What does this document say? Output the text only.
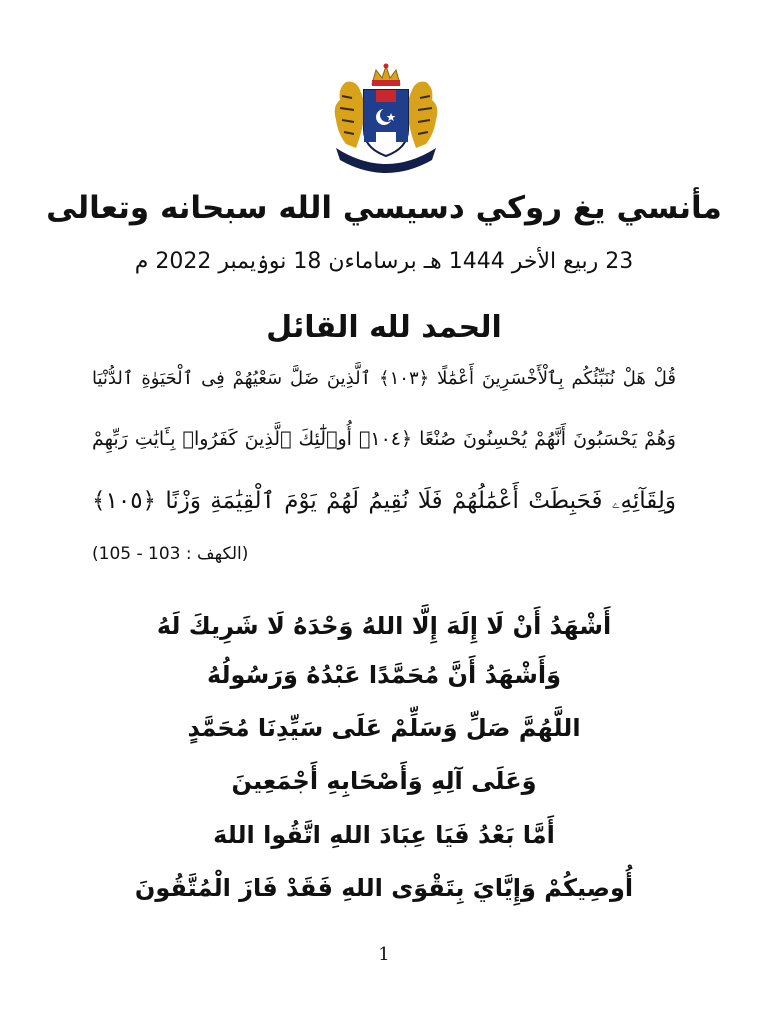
مأنسي يغ روكي دسيسي الله سبحانه وتعالى
23 ربيع الأخر 1444 هـ برساماءن 18 نوۏيمبر 2022 م
الحمد لله القائل
قُلْ هَلْ نُنَبِّئُكُم بِٱلْأَخْسَرِينَ أَعْمَٰلًا ﴿١٠٣﴾ ٱلَّذِينَ ضَلَّ سَعْيُهُمْ فِى ٱلْحَيَوٰةِ ٱلدُّنْيَا
وَهُمْ يَحْسَبُونَ أَنَّهُمْ يُحْسِنُونَ صُنْعًا ﴿١٠٤﴾ أُو۟لَٰٓئِكَ ٱلَّذِينَ كَفَرُوا۟ بِـَٔايَٰتِ رَبِّهِمْ
وَلِقَآئِهِۦ فَحَبِطَتْ أَعْمَٰلُهُمْ فَلَا نُقِيمُ لَهُمْ يَوْمَ ٱلْقِيَٰمَةِ وَزْنًا ﴿١٠٥﴾
(الكهف : 103 - 105)
أَشْهَدُ أَنْ لَا إِلَهَ إِلَّا اللهُ وَحْدَهُ لَا شَرِيكَ لَهُ
وَأَشْهَدُ أَنَّ مُحَمَّدًا عَبْدُهُ وَرَسُولُهُ
اللَّهُمَّ صَلِّ وَسَلِّمْ عَلَى سَيِّدِنَا مُحَمَّدٍ
وَعَلَى آلِهِ وَأَصْحَابِهِ أَجْمَعِينَ
أَمَّا بَعْدُ فَيَا عِبَادَ اللهِ اتَّقُوا اللهَ
أُوصِيكُمْ وَإِيَّايَ بِتَقْوَى اللهِ فَقَدْ فَازَ الْمُتَّقُونَ
1
